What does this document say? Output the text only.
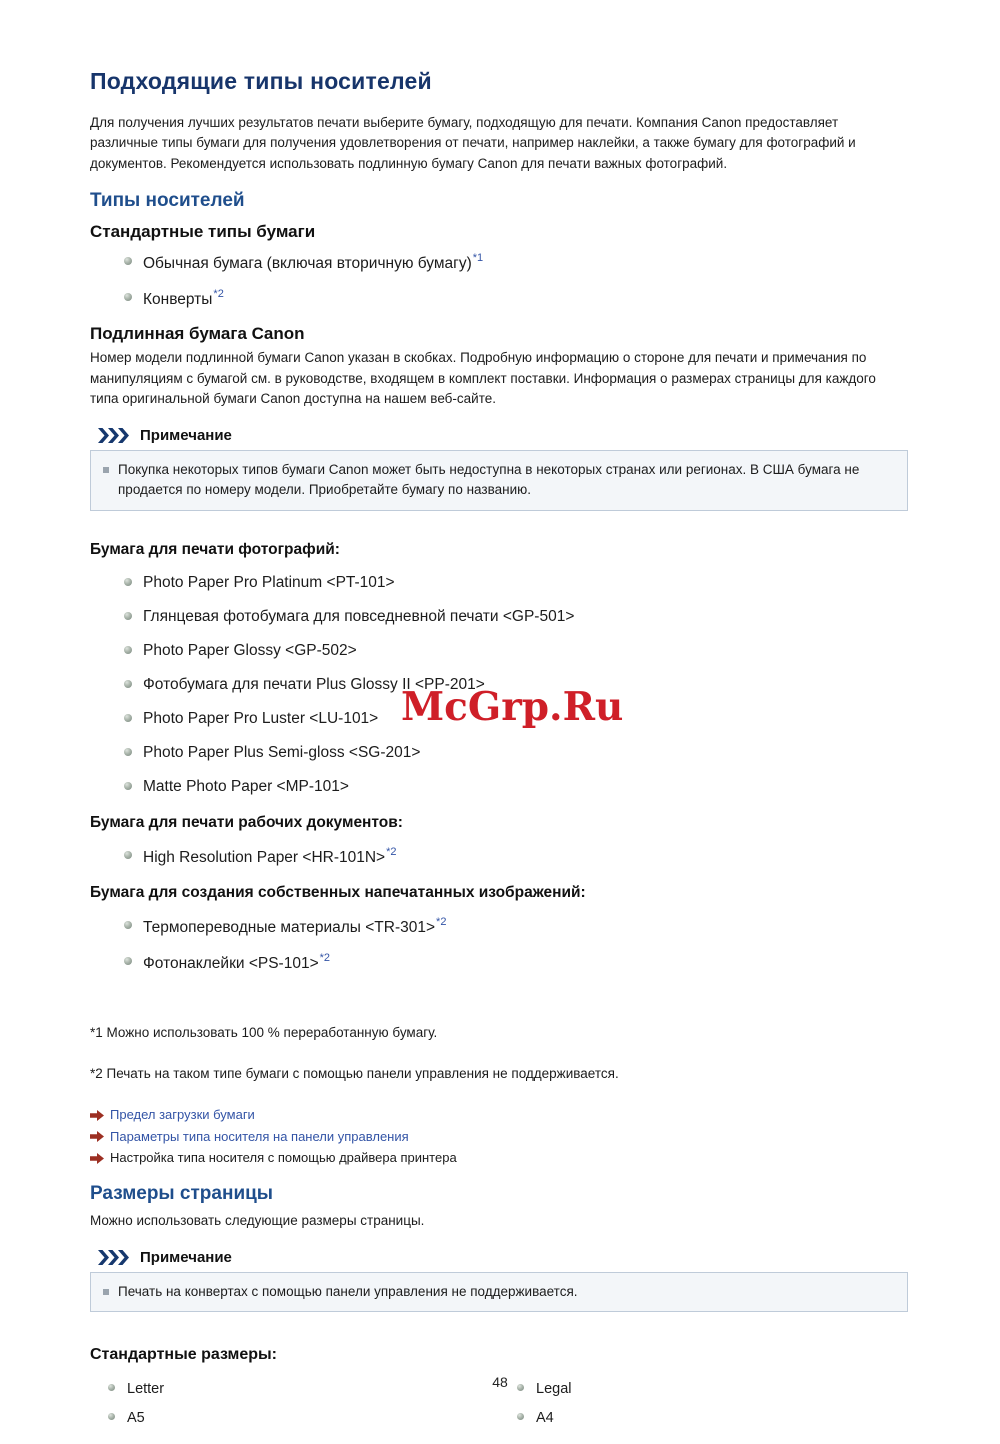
Подходящие типы носителей

Для получения лучших результатов печати выберите бумагу, подходящую для печати. Компания Canon предоставляет различные типы бумаги для получения удовлетворения от печати, например наклейки, а также бумагу для фотографий и документов. Рекомендуется использовать подлинную бумагу Canon для печати важных фотографий.

Типы носителей
Стандартные типы бумаги
Обычная бумага (включая вторичную бумагу)$^{*1}$
Конверты$^{*2}$
Подлинная бумага Canon

Номер модели подлинной бумаги Canon указан в скобках. Подробную информацию о стороне для печати и примечания по манипуляциям с бумагой см. в руководстве, входящем в комплект поставки. Информация о размерах страницы для каждого типа оригинальной бумаги Canon доступна на нашем веб-сайте.

Примечание
Покупка некоторых типов бумаги Canon может быть недоступна в некоторых странах или регионах. В США бумага не продается по номеру модели. Приобретайте бумагу по названию.
Бумага для печати фотографий:
Photo Paper Pro Platinum <PT-101>
Глянцевая фотобумага для повседневной печати <GP-501>
Photo Paper Glossy <GP-502>
Фотобумага для печати Plus Glossy II <PP-201>
Photo Paper Pro Luster <LU-101>
Photo Paper Plus Semi-gloss <SG-201>
Matte Photo Paper <MP-101>
Бумага для печати рабочих документов:
High Resolution Paper <HR-101N>$^{*2}$
Бумага для создания собственных напечатанных изображений:
Термопереводные материалы <TR-301>$^{*2}$
Фотонаклейки <PS-101>$^{*2}$

*1 Можно использовать 100 % переработанную бумагу.

*2 Печать на таком типе бумаги с помощью панели управления не поддерживается.

Предел загрузки бумаги
Параметры типа носителя на панели управления
Настройка типа носителя с помощью драйвера принтера
Размеры страницы

Можно использовать следующие размеры страницы.

Примечание
Печать на конвертах с помощью панели управления не поддерживается.
Стандартные размеры:
Letter
A5
Legal
A4
McGrp.Ru
48
